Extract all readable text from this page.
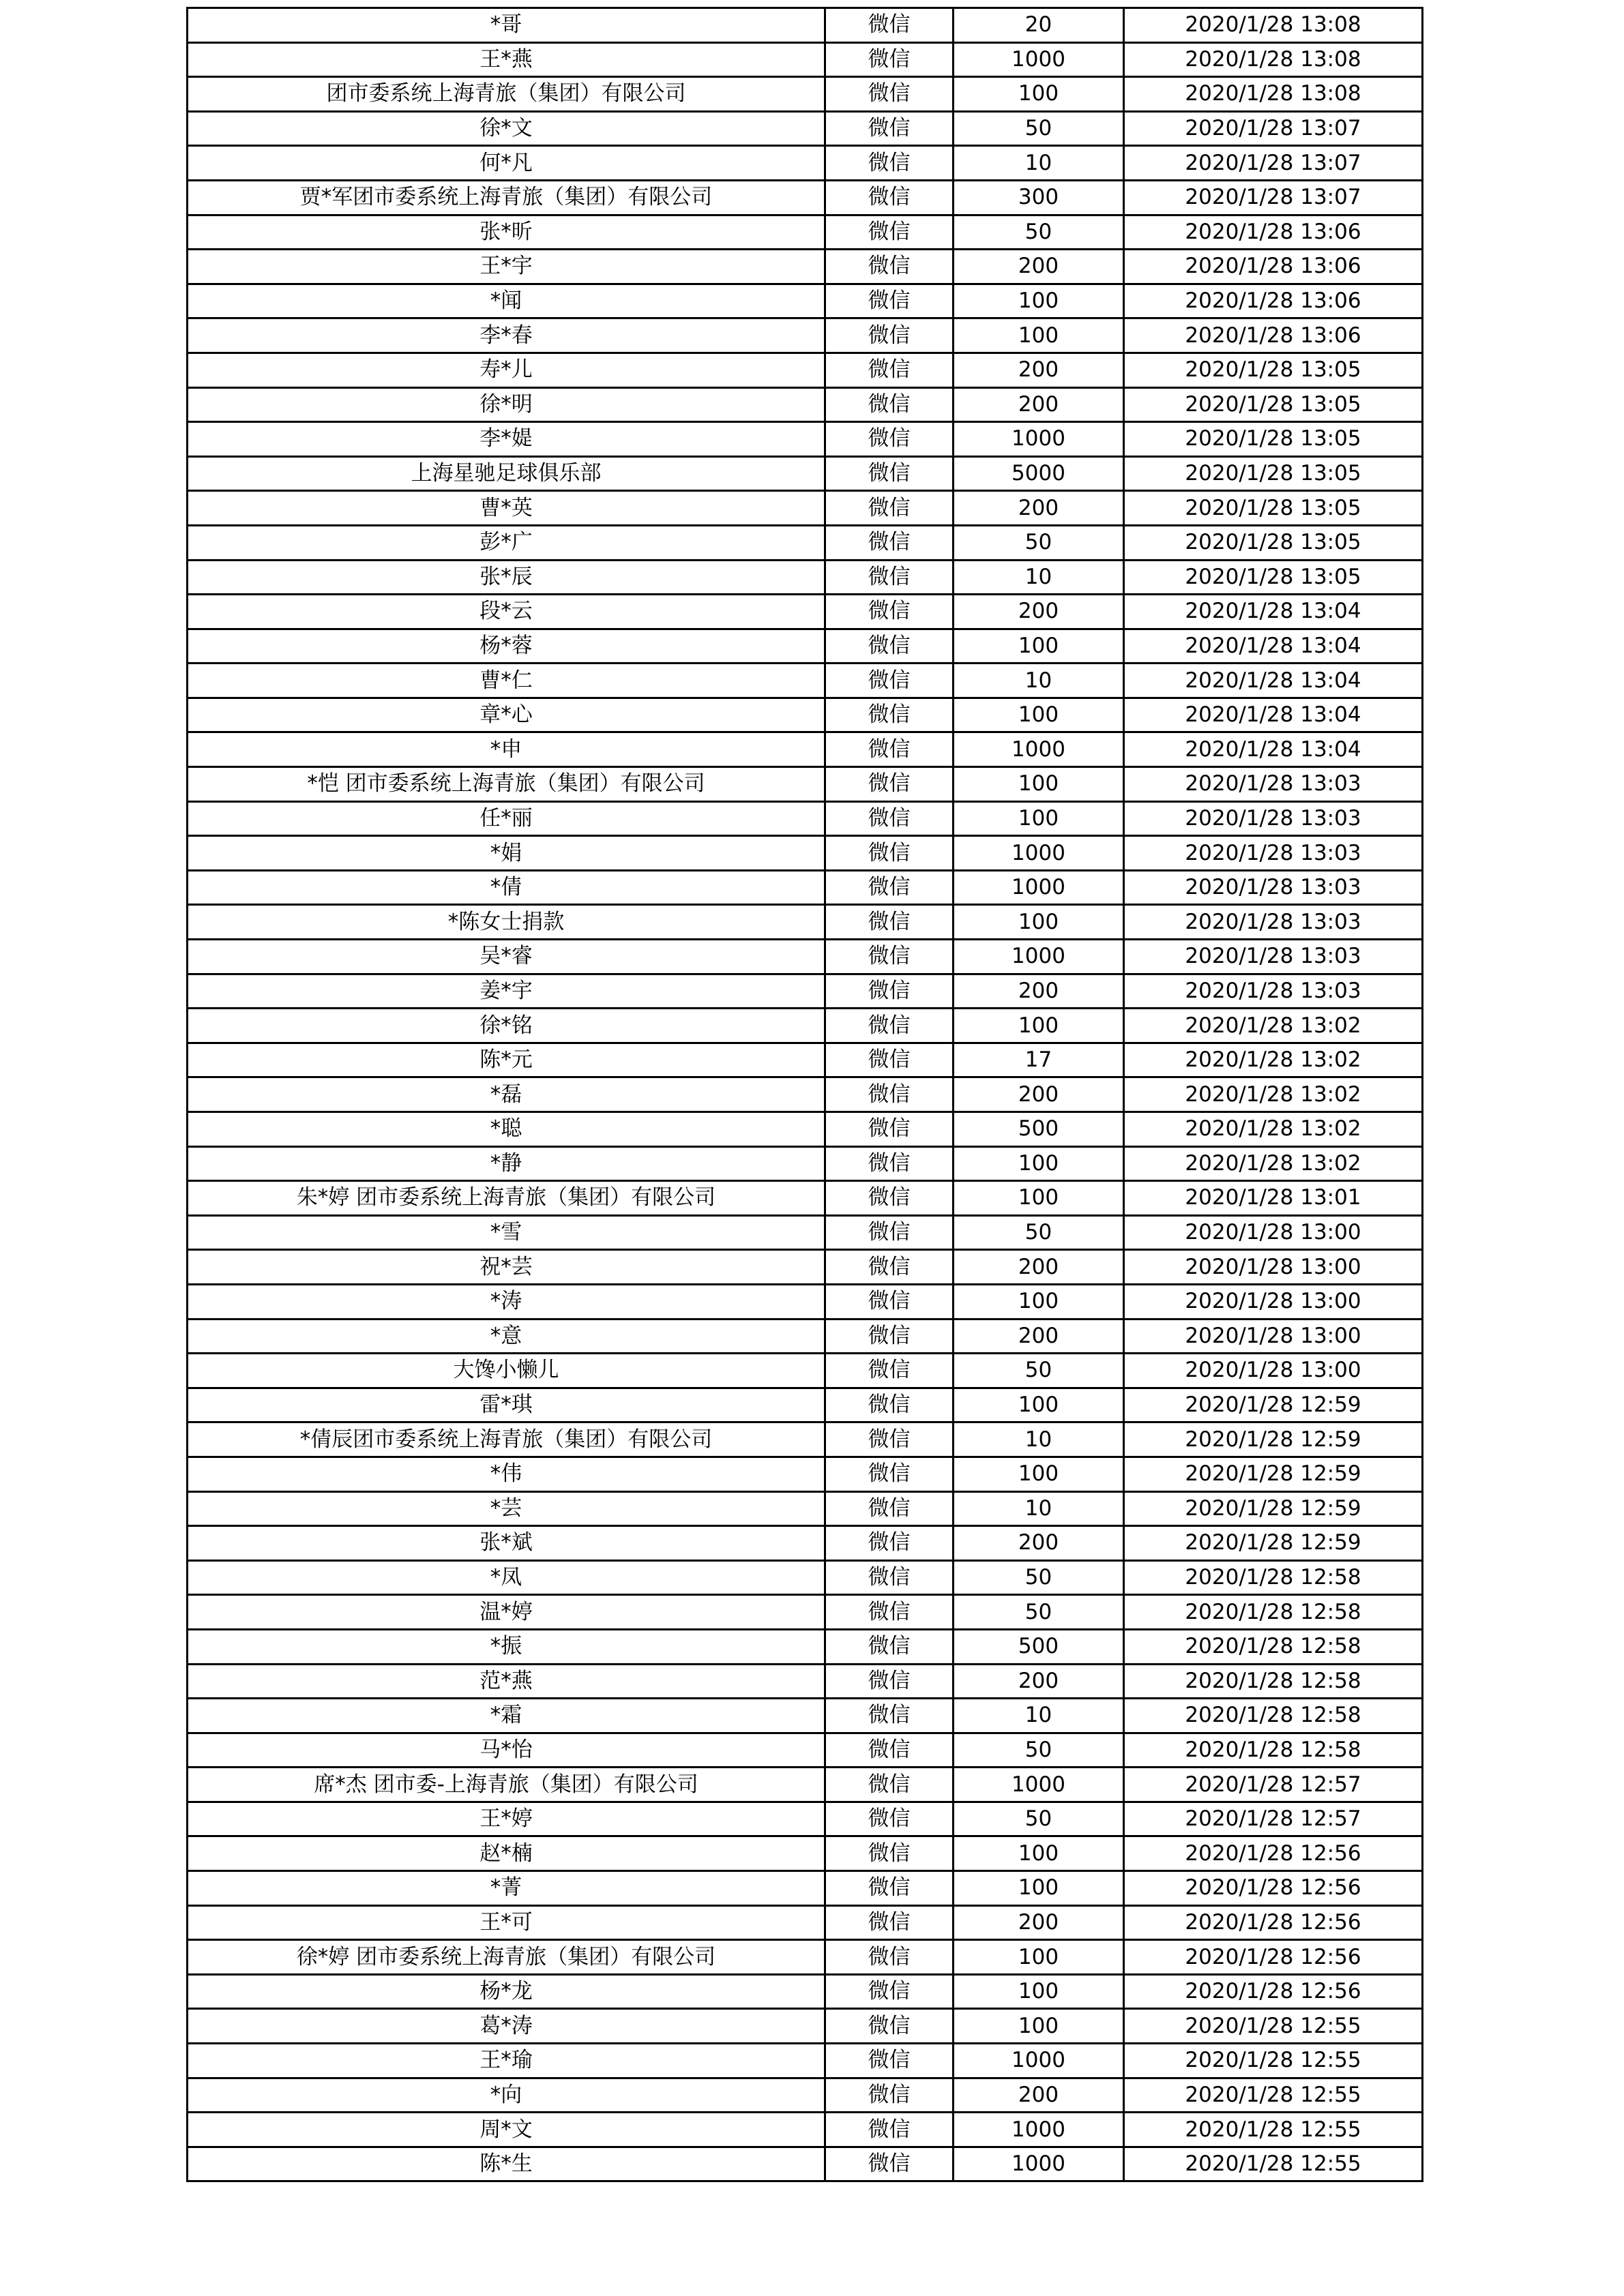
*哥	微信	20	2020/1/28 13:08
王*燕	微信	1000	2020/1/28 13:08
团市委系统上海青旅（集团）有限公司	微信	100	2020/1/28 13:08
徐*文	微信	50	2020/1/28 13:07
何*凡	微信	10	2020/1/28 13:07
贾*军团市委系统上海青旅（集团）有限公司	微信	300	2020/1/28 13:07
张*昕	微信	50	2020/1/28 13:06
王*宇	微信	200	2020/1/28 13:06
*闻	微信	100	2020/1/28 13:06
李*春	微信	100	2020/1/28 13:06
寿*儿	微信	200	2020/1/28 13:05
徐*明	微信	200	2020/1/28 13:05
李*媞	微信	1000	2020/1/28 13:05
上海星驰足球俱乐部	微信	5000	2020/1/28 13:05
曹*英	微信	200	2020/1/28 13:05
彭*广	微信	50	2020/1/28 13:05
张*辰	微信	10	2020/1/28 13:05
段*云	微信	200	2020/1/28 13:04
杨*蓉	微信	100	2020/1/28 13:04
曹*仁	微信	10	2020/1/28 13:04
章*心	微信	100	2020/1/28 13:04
*申	微信	1000	2020/1/28 13:04
*恺 团市委系统上海青旅（集团）有限公司	微信	100	2020/1/28 13:03
任*丽	微信	100	2020/1/28 13:03
*娟	微信	1000	2020/1/28 13:03
*倩	微信	1000	2020/1/28 13:03
*陈女士捐款	微信	100	2020/1/28 13:03
吴*睿	微信	1000	2020/1/28 13:03
姜*宇	微信	200	2020/1/28 13:03
徐*铭	微信	100	2020/1/28 13:02
陈*元	微信	17	2020/1/28 13:02
*磊	微信	200	2020/1/28 13:02
*聪	微信	500	2020/1/28 13:02
*静	微信	100	2020/1/28 13:02
朱*婷 团市委系统上海青旅（集团）有限公司	微信	100	2020/1/28 13:01
*雪	微信	50	2020/1/28 13:00
祝*芸	微信	200	2020/1/28 13:00
*涛	微信	100	2020/1/28 13:00
*意	微信	200	2020/1/28 13:00
大馋小懒儿	微信	50	2020/1/28 13:00
雷*琪	微信	100	2020/1/28 12:59
*倩辰团市委系统上海青旅（集团）有限公司	微信	10	2020/1/28 12:59
*伟	微信	100	2020/1/28 12:59
*芸	微信	10	2020/1/28 12:59
张*斌	微信	200	2020/1/28 12:59
*凤	微信	50	2020/1/28 12:58
温*婷	微信	50	2020/1/28 12:58
*振	微信	500	2020/1/28 12:58
范*燕	微信	200	2020/1/28 12:58
*霜	微信	10	2020/1/28 12:58
马*怡	微信	50	2020/1/28 12:58
席*杰 团市委-上海青旅（集团）有限公司	微信	1000	2020/1/28 12:57
王*婷	微信	50	2020/1/28 12:57
赵*楠	微信	100	2020/1/28 12:56
*菁	微信	100	2020/1/28 12:56
王*可	微信	200	2020/1/28 12:56
徐*婷 团市委系统上海青旅（集团）有限公司	微信	100	2020/1/28 12:56
杨*龙	微信	100	2020/1/28 12:56
葛*涛	微信	100	2020/1/28 12:55
王*瑜	微信	1000	2020/1/28 12:55
*向	微信	200	2020/1/28 12:55
周*文	微信	1000	2020/1/28 12:55
陈*生	微信	1000	2020/1/28 12:55
